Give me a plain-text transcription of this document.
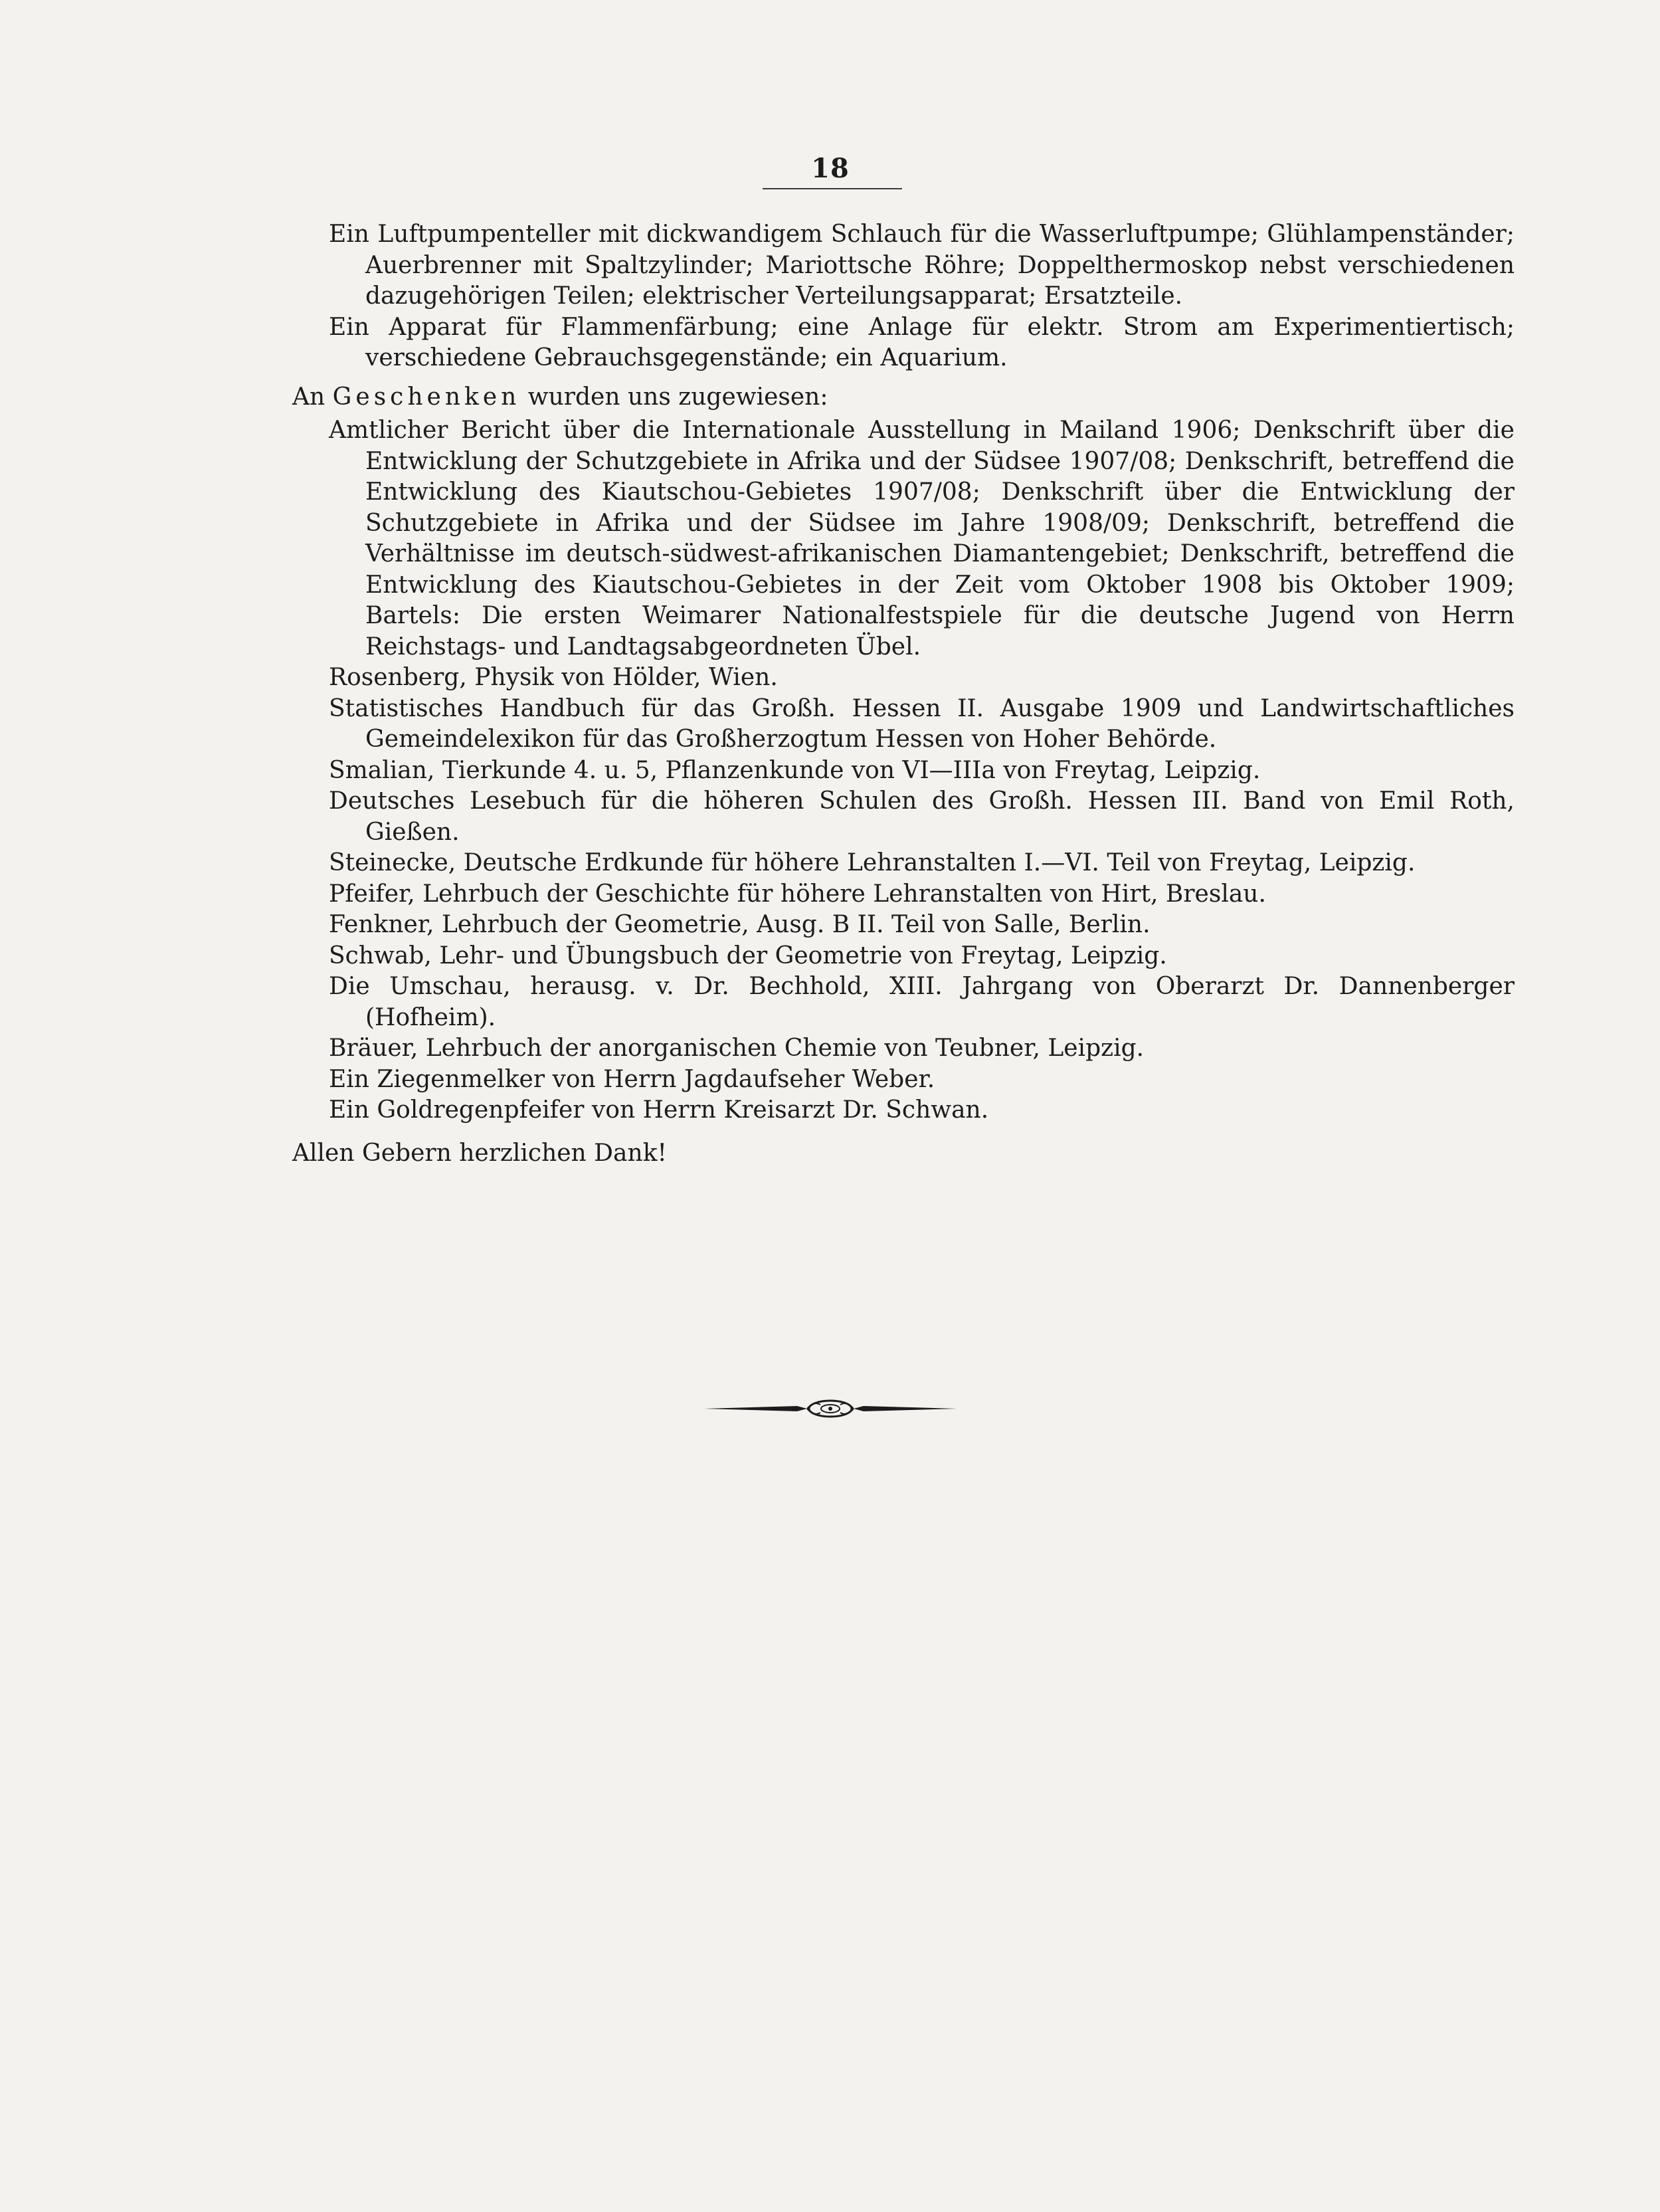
18

Ein Luftpumpenteller mit dickwandigem Schlauch für die Wasserluftpumpe; Glühlampenständer; Auerbrenner mit Spaltzylinder; Mariottsche Röhre; Doppelthermoskop nebst verschiedenen dazugehörigen Teilen; elektrischer Verteilungsapparat; Ersatzteile.

Ein Apparat für Flammenfärbung; eine Anlage für elektr. Strom am Experimentiertisch; verschiedene Gebrauchsgegenstände; ein Aquarium.

An Geschenken wurden uns zugewiesen:

Amtlicher Bericht über die Internationale Ausstellung in Mailand 1906; Denkschrift über die Entwicklung der Schutzgebiete in Afrika und der Südsee 1907/08; Denkschrift, betreffend die Entwicklung des Kiautschou-Gebietes 1907/08; Denkschrift über die Entwicklung der Schutzgebiete in Afrika und der Südsee im Jahre 1908/09; Denkschrift, betreffend die Verhältnisse im deutsch-südwest-afrikanischen Diamantengebiet; Denkschrift, betreffend die Entwicklung des Kiautschou-Gebietes in der Zeit vom Oktober 1908 bis Oktober 1909; Bartels: Die ersten Weimarer Nationalfestspiele für die deutsche Jugend von Herrn Reichstags- und Landtagsabgeordneten Übel.

Rosenberg, Physik von Hölder, Wien.

Statistisches Handbuch für das Großh. Hessen II. Ausgabe 1909 und Landwirtschaftliches Gemeindelexikon für das Großherzogtum Hessen von Hoher Behörde.

Smalian, Tierkunde 4. u. 5, Pflanzenkunde von VI—IIIa von Freytag, Leipzig.

Deutsches Lesebuch für die höheren Schulen des Großh. Hessen III. Band von Emil Roth, Gießen.

Steinecke, Deutsche Erdkunde für höhere Lehranstalten I.—VI. Teil von Freytag, Leipzig.

Pfeifer, Lehrbuch der Geschichte für höhere Lehranstalten von Hirt, Breslau.

Fenkner, Lehrbuch der Geometrie, Ausg. B II. Teil von Salle, Berlin.

Schwab, Lehr- und Übungsbuch der Geometrie von Freytag, Leipzig.

Die Umschau, herausg. v. Dr. Bechhold, XIII. Jahrgang von Oberarzt Dr. Dannenberger (Hofheim).

Bräuer, Lehrbuch der anorganischen Chemie von Teubner, Leipzig.

Ein Ziegenmelker von Herrn Jagdaufseher Weber.

Ein Goldregenpfeifer von Herrn Kreisarzt Dr. Schwan.

Allen Gebern herzlichen Dank!
